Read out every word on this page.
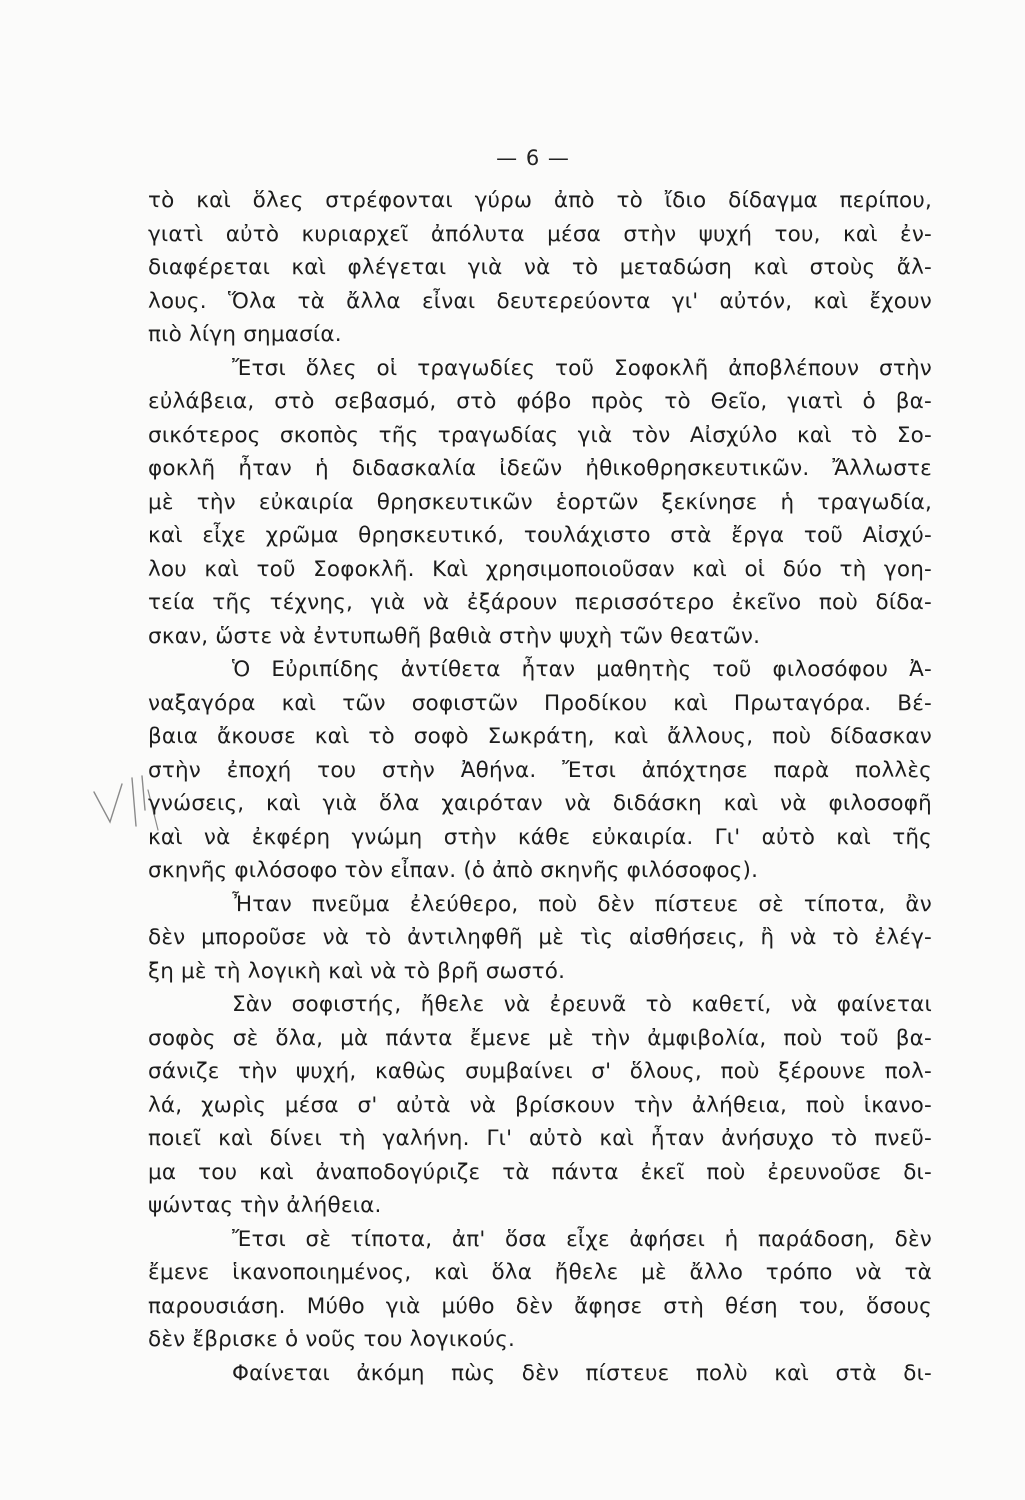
— 6 —
τὸ καὶ ὅλες στρέφονται γύρω ἀπὸ τὸ ἴδιο δίδαγμα περίπου,
γιατὶ αὐτὸ κυριαρχεῖ ἀπόλυτα μέσα στὴν ψυχή του, καὶ ἐν-
διαφέρεται καὶ φλέγεται γιὰ νὰ τὸ μεταδώση καὶ στοὺς ἄλ-
λους. Ὅλα τὰ ἄλλα εἶναι δευτερεύοντα γι' αὐτόν, καὶ ἔχουν
πιὸ λίγη σημασία.
Ἔτσι ὅλες οἱ τραγωδίες τοῦ Σοφοκλῆ ἀποβλέπουν στὴν
εὐλάβεια, στὸ σεβασμό, στὸ φόβο πρὸς τὸ Θεῖο, γιατὶ ὁ βα-
σικότερος σκοπὸς τῆς τραγωδίας γιὰ τὸν Αἰσχύλο καὶ τὸ Σο-
φοκλῆ ἦταν ἡ διδασκαλία ἰδεῶν ἠθικοθρησκευτικῶν. Ἄλλωστε
μὲ τὴν εὐκαιρία θρησκευτικῶν ἑορτῶν ξεκίνησε ἡ τραγωδία,
καὶ εἶχε χρῶμα θρησκευτικό, τουλάχιστο στὰ ἔργα τοῦ Αἰσχύ-
λου καὶ τοῦ Σοφοκλῆ. Καὶ χρησιμοποιοῦσαν καὶ οἱ δύο τὴ γοη-
τεία τῆς τέχνης, γιὰ νὰ ἐξάρουν περισσότερο ἐκεῖνο ποὺ δίδα-
σκαν, ὥστε νὰ ἐντυπωθῆ βαθιὰ στὴν ψυχὴ τῶν θεατῶν.
Ὁ Εὐριπίδης ἀντίθετα ἦταν μαθητὴς τοῦ φιλοσόφου Ἀ-
ναξαγόρα καὶ τῶν σοφιστῶν Προδίκου καὶ Πρωταγόρα. Βέ-
βαια ἄκουσε καὶ τὸ σοφὸ Σωκράτη, καὶ ἄλλους, ποὺ δίδασκαν
στὴν ἐποχή του στὴν Ἀθήνα. Ἔτσι ἀπόχτησε παρὰ πολλὲς
γνώσεις, καὶ γιὰ ὅλα χαιρόταν νὰ διδάσκη καὶ νὰ φιλοσοφῆ
καὶ νὰ ἐκφέρη γνώμη στὴν κάθε εὐκαιρία. Γι' αὐτὸ καὶ τῆς
σκηνῆς φιλόσοφο τὸν εἶπαν. (ὁ ἀπὸ σκηνῆς φιλόσοφος).
Ἦταν πνεῦμα ἐλεύθερο, ποὺ δὲν πίστευε σὲ τίποτα, ἂν
δὲν μποροῦσε νὰ τὸ ἀντιληφθῆ μὲ τὶς αἰσθήσεις, ἢ νὰ τὸ ἐλέγ-
ξη μὲ τὴ λογικὴ καὶ νὰ τὸ βρῆ σωστό.
Σὰν σοφιστής, ἤθελε νὰ ἐρευνᾶ τὸ καθετί, νὰ φαίνεται
σοφὸς σὲ ὅλα, μὰ πάντα ἔμενε μὲ τὴν ἀμφιβολία, ποὺ τοῦ βα-
σάνιζε τὴν ψυχή, καθὼς συμβαίνει σ' ὅλους, ποὺ ξέρουνε πολ-
λά, χωρὶς μέσα σ' αὐτὰ νὰ βρίσκουν τὴν ἀλήθεια, ποὺ ἱκανο-
ποιεῖ καὶ δίνει τὴ γαλήνη. Γι' αὐτὸ καὶ ἦταν ἀνήσυχο τὸ πνεῦ-
μα του καὶ ἀναποδογύριζε τὰ πάντα ἐκεῖ ποὺ ἐρευνοῦσε δι-
ψώντας τὴν ἀλήθεια.
Ἔτσι σὲ τίποτα, ἀπ' ὅσα εἶχε ἀφήσει ἡ παράδοση, δὲν
ἔμενε ἱκανοποιημένος, καὶ ὅλα ἤθελε μὲ ἄλλο τρόπο νὰ τὰ
παρουσιάση. Μύθο γιὰ μύθο δὲν ἄφησε στὴ θέση του, ὅσους
δὲν ἔβρισκε ὁ νοῦς του λογικούς.
Φαίνεται ἀκόμη πὼς δὲν πίστευε πολὺ καὶ στὰ δι-
